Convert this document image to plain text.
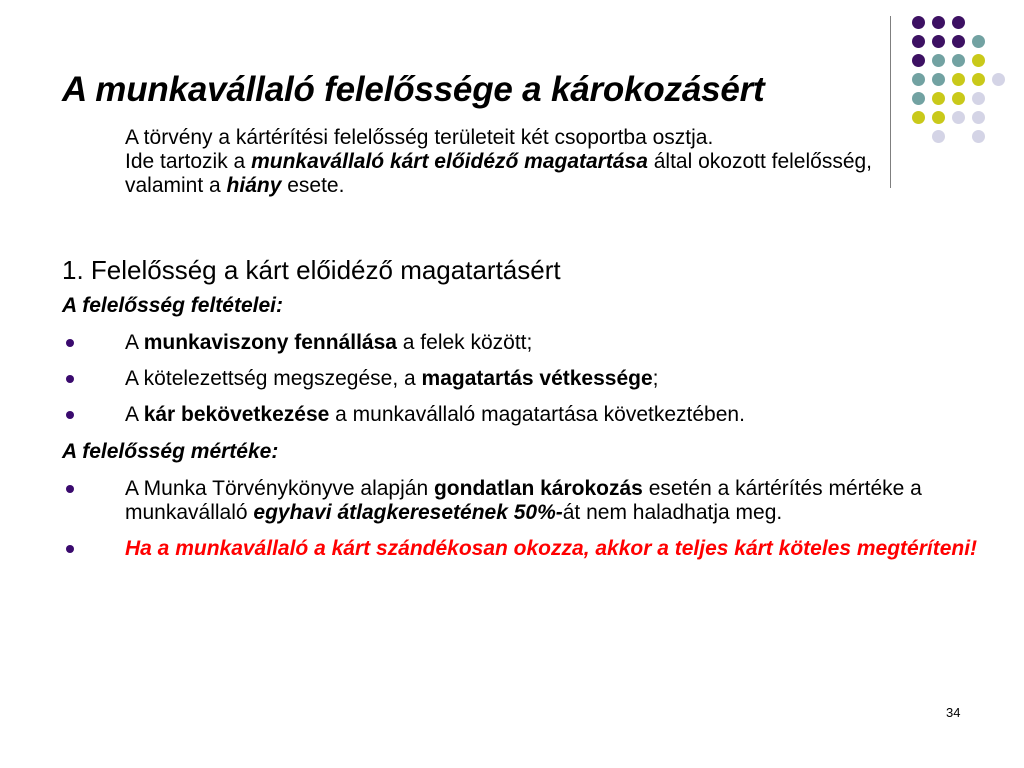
A munkavállaló felelőssége a károkozásért

A törvény a kártérítési felelősség területeit két csoportba osztja.

Ide tartozik a munkavállaló kárt előidéző magatartása által okozott felelősség, valamint a hiány esete.

1. Felelősség a kárt előidéző magatartásért
A felelősség feltételei:
A munkaviszony fennállása a felek között;
A kötelezettség megszegése, a magatartás vétkessége;
A kár bekövetkezése a munkavállaló magatartása következtében.
A felelősség mértéke:
A Munka Törvénykönyve alapján gondatlan károkozás esetén a kártérítés mértéke a munkavállaló egyhavi átlagkeresetének 50%-át nem haladhatja meg.
Ha a munkavállaló a kárt szándékosan okozza, akkor a teljes kárt köteles megtéríteni!
34
